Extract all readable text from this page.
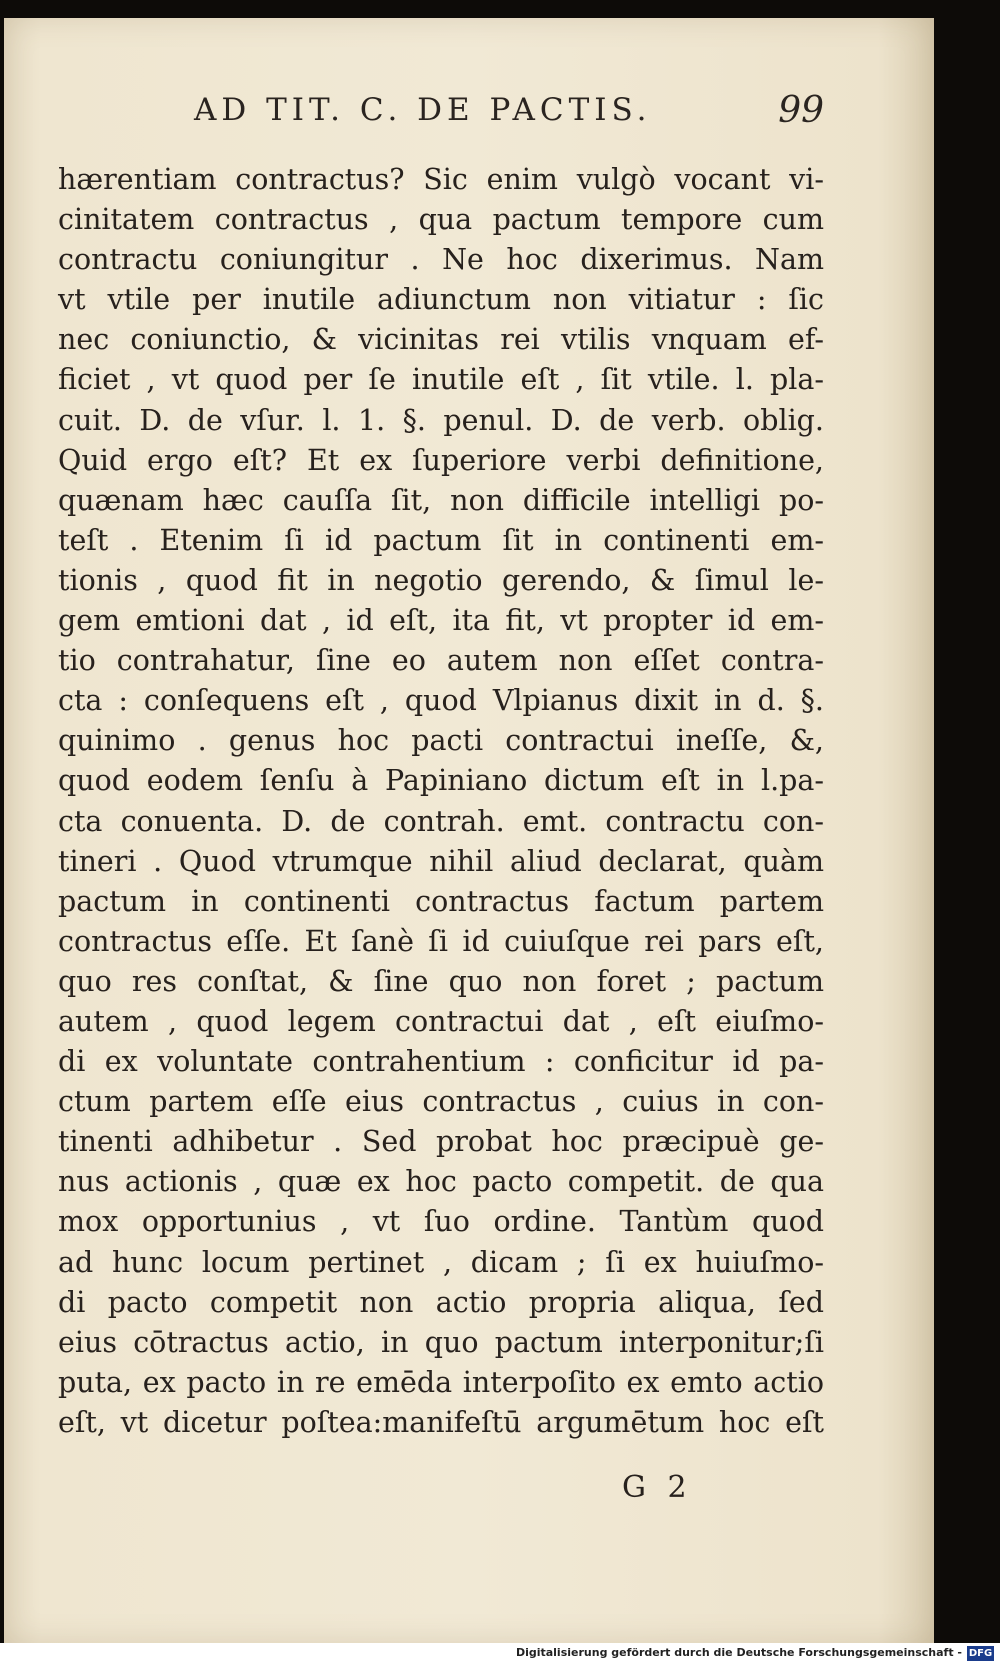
AD TIT. C. DE PACTIS.	99
hærentiam contractus? Sic enim vulgò vocant vi-
cinitatem contractus , qua pactum tempore cum
contractu coniungitur . Ne hoc dixerimus. Nam
vt vtile per inutile adiunctum non vitiatur : ſic
nec coniunctio, & vicinitas rei vtilis vnquam ef-
ficiet , vt quod per ſe inutile eſt , ſit vtile. l. pla-
cuit. D. de vſur. l. 1. §. penul. D. de verb. oblig.
Quid ergo eſt? Et ex ſuperiore verbi definitione,
quænam hæc cauſſa ſit, non difficile intelligi po-
teſt . Etenim ſi id pactum ſit in continenti em-
tionis , quod fit in negotio gerendo, & ſimul le-
gem emtioni dat , id eſt, ita fit, vt propter id em-
tio contrahatur, ſine eo autem non eſſet contra-
cta : conſequens eſt , quod Vlpianus dixit in d. §.
quinimo . genus hoc pacti contractui ineſſe, &,
quod eodem ſenſu à Papiniano dictum eſt in l.pa-
cta conuenta. D. de contrah. emt. contractu con-
tineri . Quod vtrumque nihil aliud declarat, quàm
pactum in continenti contractus factum partem
contractus eſſe. Et ſanè ſi id cuiuſque rei pars eſt,
quo res conſtat, & ſine quo non foret ; pactum
autem , quod legem contractui dat , eſt eiuſmo-
di ex voluntate contrahentium : conficitur id pa-
ctum partem eſſe eius contractus , cuius in con-
tinenti adhibetur . Sed probat hoc præcipuè ge-
nus actionis , quæ ex hoc pacto competit. de qua
mox opportunius , vt ſuo ordine. Tantùm quod
ad hunc locum pertinet , dicam ; ſi ex huiuſmo-
di pacto competit non actio propria aliqua, ſed
eius cōtractus actio, in quo pactum interponitur;ſi
puta, ex pacto in re emēda interpoſito ex emto actio
eſt, vt dicetur poſtea:manifeſtū argumētum hoc eſt
G 2
Digitalisierung gefördert durch die Deutsche Forschungsgemeinschaft - DFG
